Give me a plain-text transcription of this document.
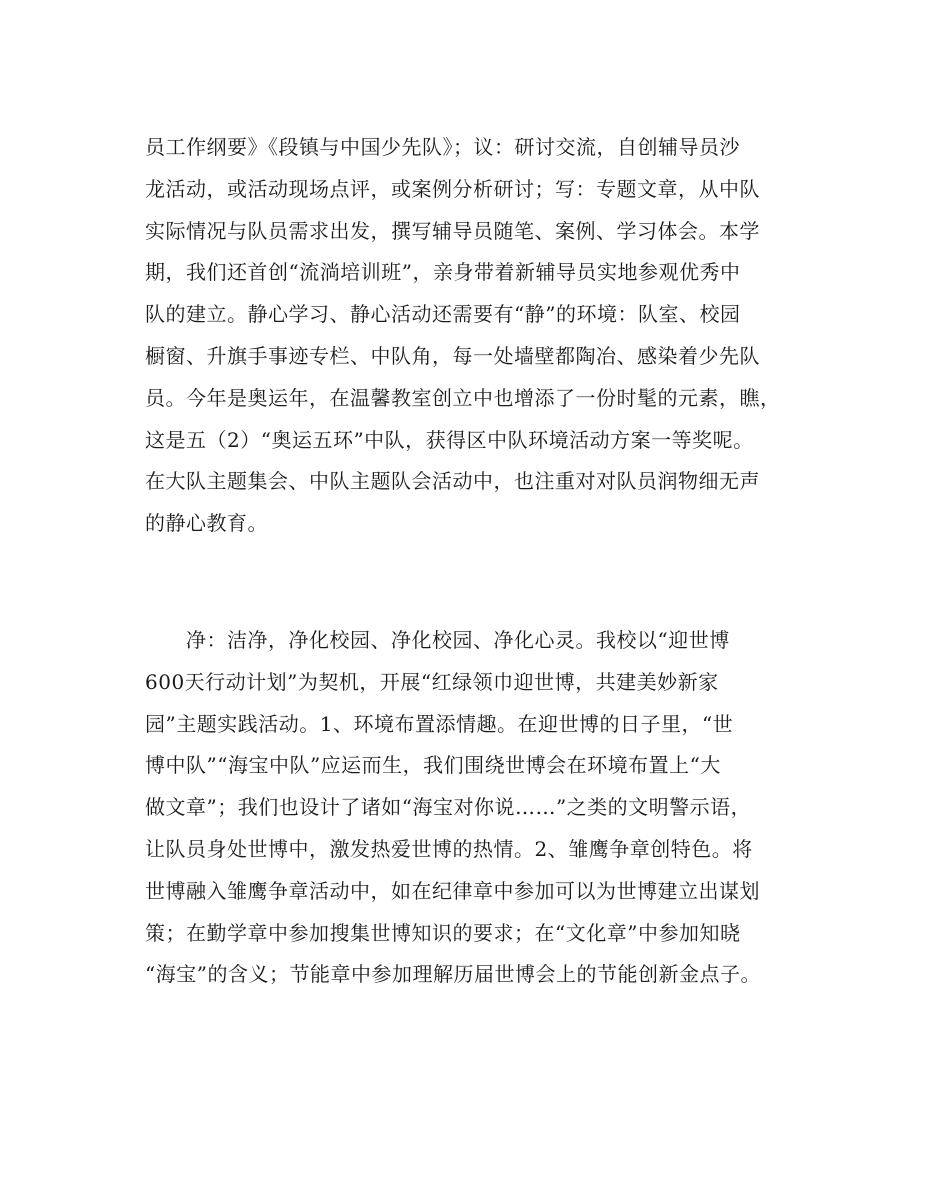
员工作纲要》《段镇与中国少先队》；议：研讨交流，自创辅导员沙
龙活动，或活动现场点评，或案例分析研讨；写：专题文章，从中队
实际情况与队员需求出发，撰写辅导员随笔、案例、学习体会。本学
期，我们还首创“流淌培训班”，亲身带着新辅导员实地参观优秀中
队的建立。静心学习、静心活动还需要有“静”的环境：队室、校园
橱窗、升旗手事迹专栏、中队角，每一处墙壁都陶冶、感染着少先队
员。今年是奥运年，在温馨教室创立中也增添了一份时髦的元素，瞧，
这是五（2）“奥运五环”中队，获得区中队环境活动方案一等奖呢。
在大队主题集会、中队主题队会活动中，也注重对对队员润物细无声
的静心教育。
净：洁净，净化校园、净化校园、净化心灵。我校以“迎世博
600天行动计划”为契机，开展“红绿领巾迎世博，共建美妙新家
园”主题实践活动。1、环境布置添情趣。在迎世博的日子里，“世
博中队”“海宝中队”应运而生，我们围绕世博会在环境布置上“大
做文章”；我们也设计了诸如“海宝对你说……”之类的文明警示语，
让队员身处世博中，激发热爱世博的热情。2、雏鹰争章创特色。将
世博融入雏鹰争章活动中，如在纪律章中参加可以为世博建立出谋划
策；在勤学章中参加搜集世博知识的要求；在“文化章”中参加知晓
“海宝”的含义；节能章中参加理解历届世博会上的节能创新金点子。
